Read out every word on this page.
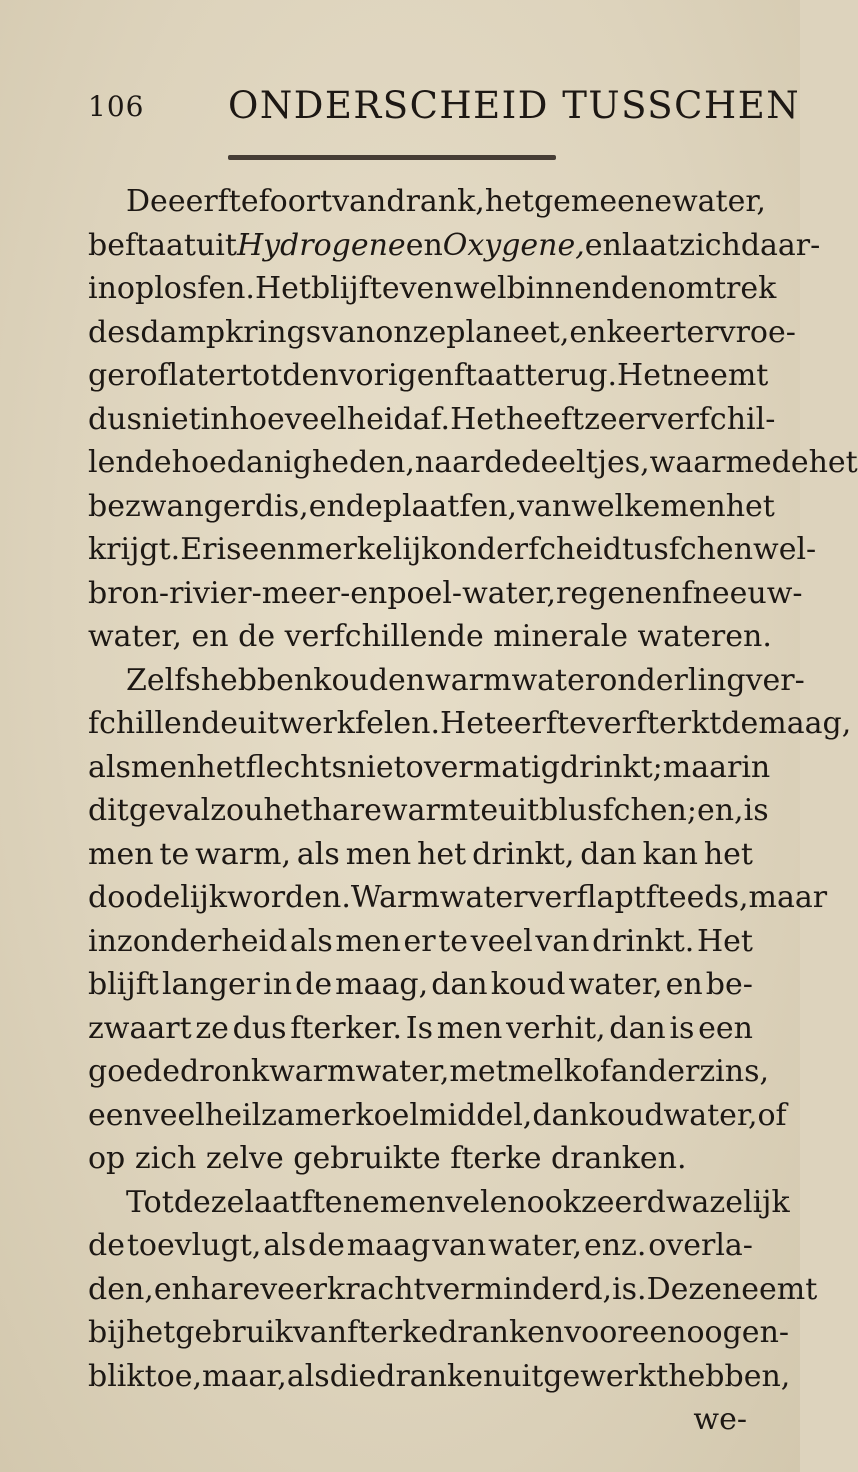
106 ONDERSCHEID TUSSCHEN
De eerfte foort van drank, het gemeene water,
beftaat uit Hydrogene en Oxygene, en laat zich daar-
in oplosfen. Het blijft evenwel binnen den omtrek
des dampkrings van onze planeet, en keert er vroe-
ger of later tot den vorigen ftaat terug. Het neemt
dus niet in hoeveelheid af. Het heeft zeer verfchil-
lende hoedanigheden, naar de deeltjes, waarmede het
bezwangerd is, en de plaatfen, van welke men het
krijgt. Er is een merkelijk onderfcheid tusfchen wel-
bron- rivier- meer- en poel-water, regen en fneeuw-
water,
en
de
verfchillende
minerale
wateren.
Zelfs hebben koud en warm water onderling ver-
fchillende uitwerkfelen. Het eerfte verfterkt de maag,
als men het flechts niet overmatig drinkt; maar in
dit geval zou het hare warmte uitblusfchen; en, is
men te warm, als men het drinkt, dan kan het
doodelijk worden. Warm water verflapt fteeds, maar
inzonderheid als men er te veel van drinkt. Het
blijft langer in de maag, dan koud water, en be-
zwaart ze dus fterker. Is men verhit, dan is een
goede dronk warm water, met melk of anderzins,
een veel heilzamer koelmiddel, dan koud water, of
op
zich
zelve
gebruikte
fterke
dranken.
Tot deze laatfte nemen velen ook zeer dwazelijk
de toevlugt, als de maag van water, enz. overla-
den, en hare veerkracht verminderd, is. Deze neemt
bij het gebruik van fterke dranken voor een oogen-
blik toe, maar, als die dranken uitgewerkt hebben,
we-
